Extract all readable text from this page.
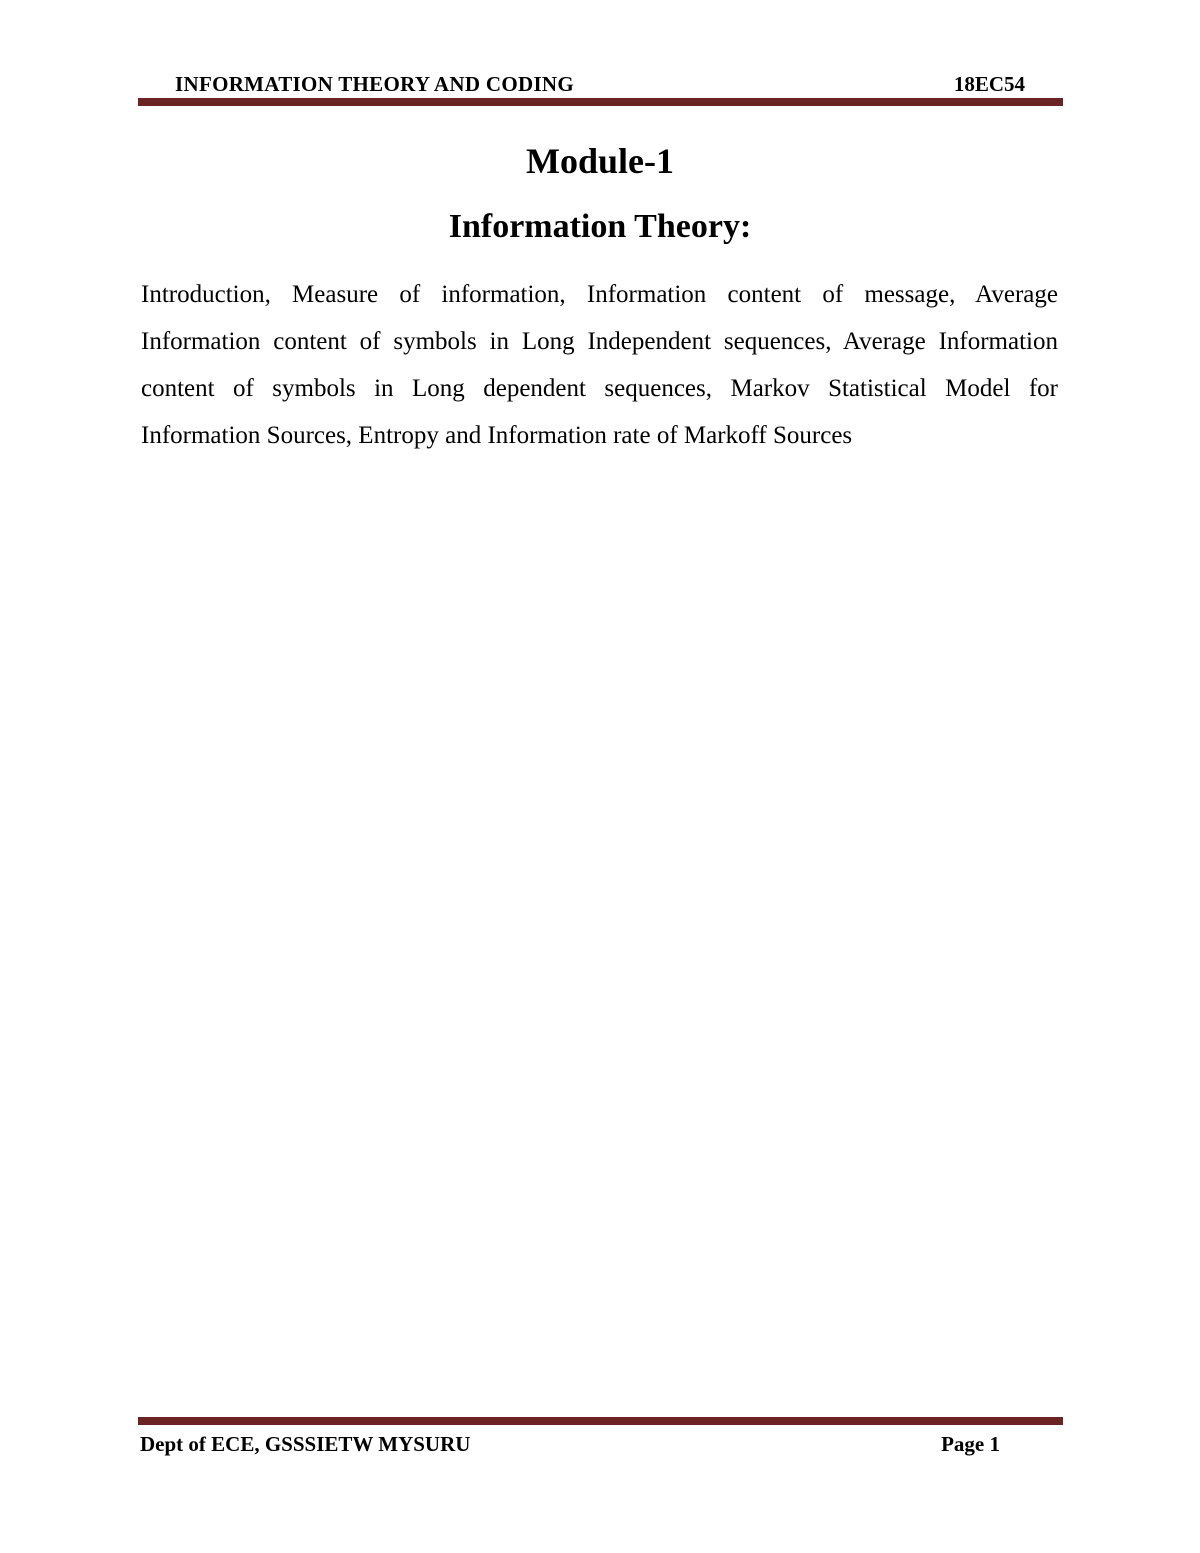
INFORMATION THEORY AND CODING	18EC54
Module-1
Information Theory:

Introduction, Measure of information, Information content of message, Average Information content of symbols in Long Independent sequences, Average Information content of symbols in Long dependent sequences, Markov Statistical Model for Information Sources, Entropy and Information rate of Markoff Sources

Dept of ECE, GSSSIETW MYSURU	Page 1
